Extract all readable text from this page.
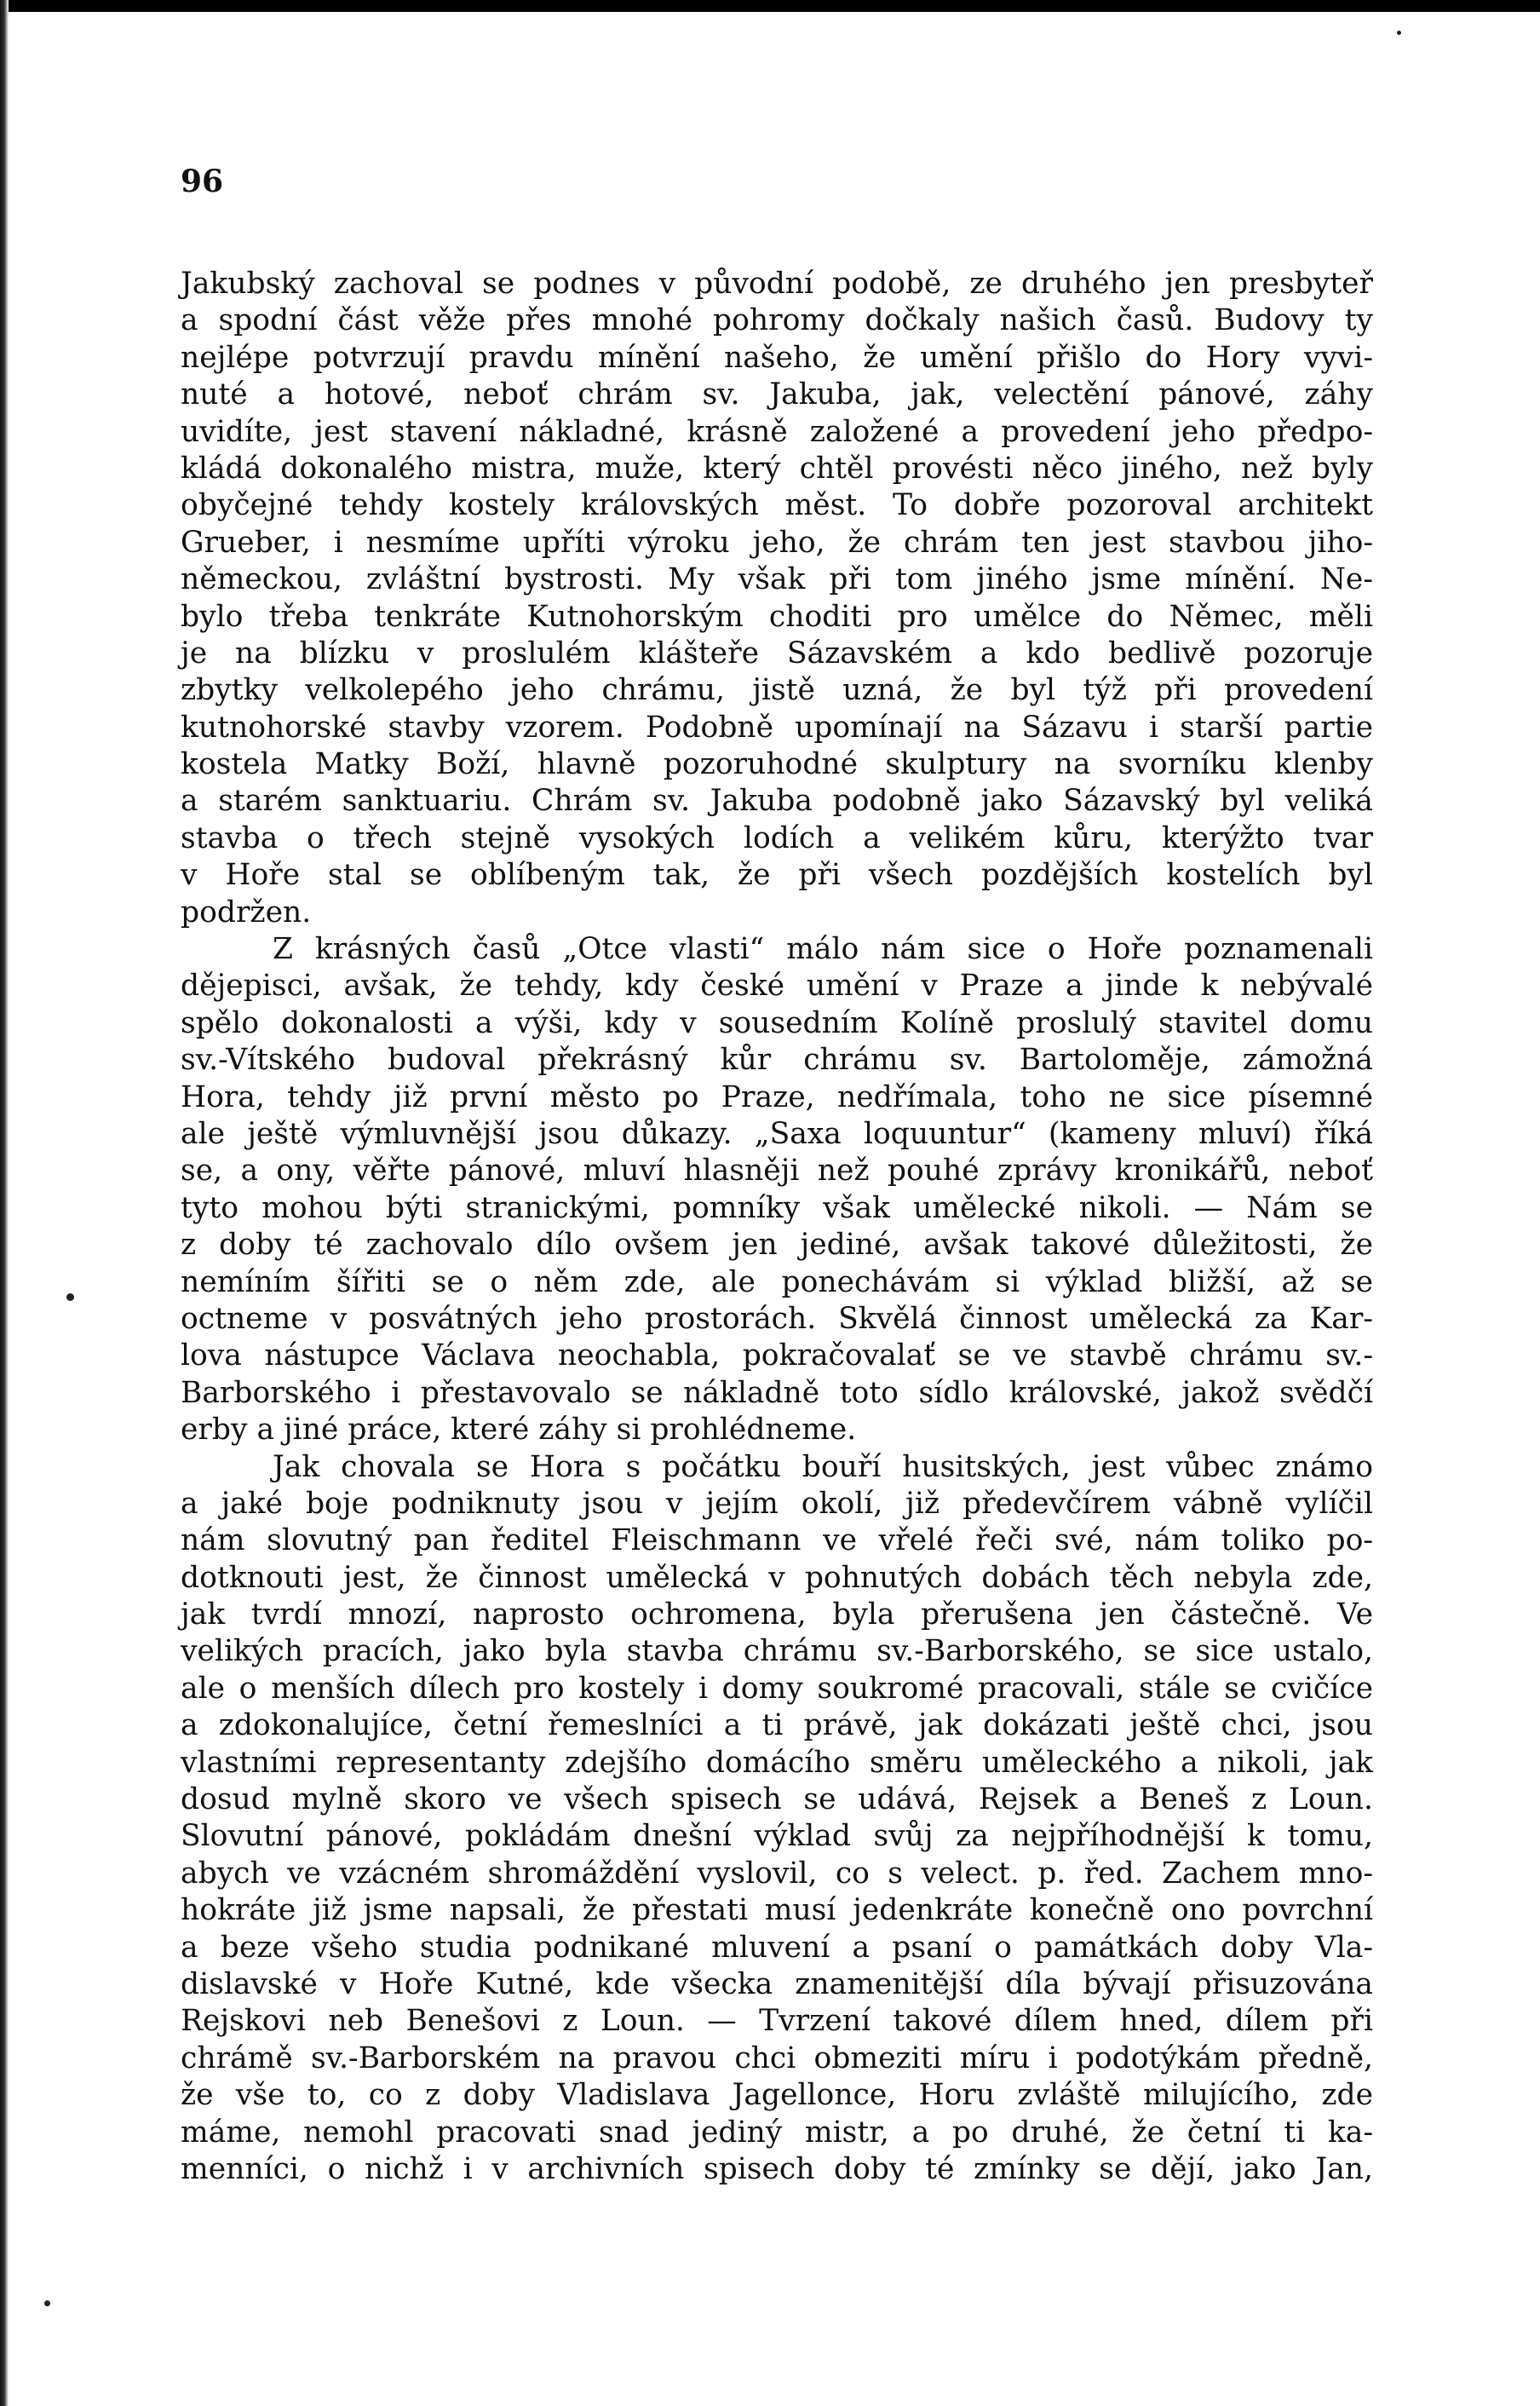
96
Jakubský zachoval se podnes v původní podobě, ze druhého jen presbyteř
a spodní část věže přes mnohé pohromy dočkaly našich časů. Budovy ty
nejlépe potvrzují pravdu mínění našeho, že umění přišlo do Hory vyvi-
nuté a hotové, neboť chrám sv. Jakuba, jak, velectění pánové, záhy
uvidíte, jest stavení nákladné, krásně založené a provedení jeho předpo-
kládá dokonalého mistra, muže, který chtěl provésti něco jiného, než byly
obyčejné tehdy kostely královských měst. To dobře pozoroval architekt
Grueber, i nesmíme upříti výroku jeho, že chrám ten jest stavbou jiho-
německou, zvláštní bystrosti. My však při tom jiného jsme mínění. Ne-
bylo třeba tenkráte Kutnohorským choditi pro umělce do Němec, měli
je na blízku v proslulém klášteře Sázavském a kdo bedlivě pozoruje
zbytky velkolepého jeho chrámu, jistě uzná, že byl týž při provedení
kutnohorské stavby vzorem. Podobně upomínají na Sázavu i starší partie
kostela Matky Boží, hlavně pozoruhodné skulptury na svorníku klenby
a starém sanktuariu. Chrám sv. Jakuba podobně jako Sázavský byl veliká
stavba o třech stejně vysokých lodích a velikém kůru, kterýžto tvar
v Hoře stal se oblíbeným tak, že při všech pozdějších kostelích byl
podržen.
Z krásných časů „Otce vlasti“ málo nám sice o Hoře poznamenali
dějepisci, avšak, že tehdy, kdy české umění v Praze a jinde k nebývalé
spělo dokonalosti a výši, kdy v sousedním Kolíně proslulý stavitel domu
sv.-Vítského budoval překrásný kůr chrámu sv. Bartoloměje, zámožná
Hora, tehdy již první město po Praze, nedřímala, toho ne sice písemné
ale ještě výmluvnější jsou důkazy. „Saxa loquuntur“ (kameny mluví) říká
se, a ony, věřte pánové, mluví hlasněji než pouhé zprávy kronikářů, neboť
tyto mohou býti stranickými, pomníky však umělecké nikoli. — Nám se
z doby té zachovalo dílo ovšem jen jediné, avšak takové důležitosti, že
nemíním šířiti se o něm zde, ale ponechávám si výklad bližší, až se
octneme v posvátných jeho prostorách. Skvělá činnost umělecká za Kar-
lova nástupce Václava neochabla, pokračovalať se ve stavbě chrámu sv.-
Barborského i přestavovalo se nákladně toto sídlo královské, jakož svědčí
erby a jiné práce, které záhy si prohlédneme.
Jak chovala se Hora s počátku bouří husitských, jest vůbec známo
a jaké boje podniknuty jsou v jejím okolí, již předevčírem vábně vylíčil
nám slovutný pan ředitel Fleischmann ve vřelé řeči své, nám toliko po-
dotknouti jest, že činnost umělecká v pohnutých dobách těch nebyla zde,
jak tvrdí mnozí, naprosto ochromena, byla přerušena jen částečně. Ve
velikých pracích, jako byla stavba chrámu sv.-Barborského, se sice ustalo,
ale o menších dílech pro kostely i domy soukromé pracovali, stále se cvičíce
a zdokonalujíce, četní řemeslníci a ti právě, jak dokázati ještě chci, jsou
vlastními representanty zdejšího domácího směru uměleckého a nikoli, jak
dosud mylně skoro ve všech spisech se udává, Rejsek a Beneš z Loun.
Slovutní pánové, pokládám dnešní výklad svůj za nejpříhodnější k tomu,
abych ve vzácném shromáždění vyslovil, co s velect. p. řed. Zachem mno-
hokráte již jsme napsali, že přestati musí jedenkráte konečně ono povrchní
a beze všeho studia podnikané mluvení a psaní o památkách doby Vla-
dislavské v Hoře Kutné, kde všecka znamenitější díla bývají přisuzována
Rejskovi neb Benešovi z Loun. — Tvrzení takové dílem hned, dílem při
chrámě sv.-Barborském na pravou chci obmeziti míru i podotýkám předně,
že vše to, co z doby Vladislava Jagellonce, Horu zvláště milujícího, zde
máme, nemohl pracovati snad jediný mistr, a po druhé, že četní ti ka-
menníci, o nichž i v archivních spisech doby té zmínky se dějí, jako Jan,
